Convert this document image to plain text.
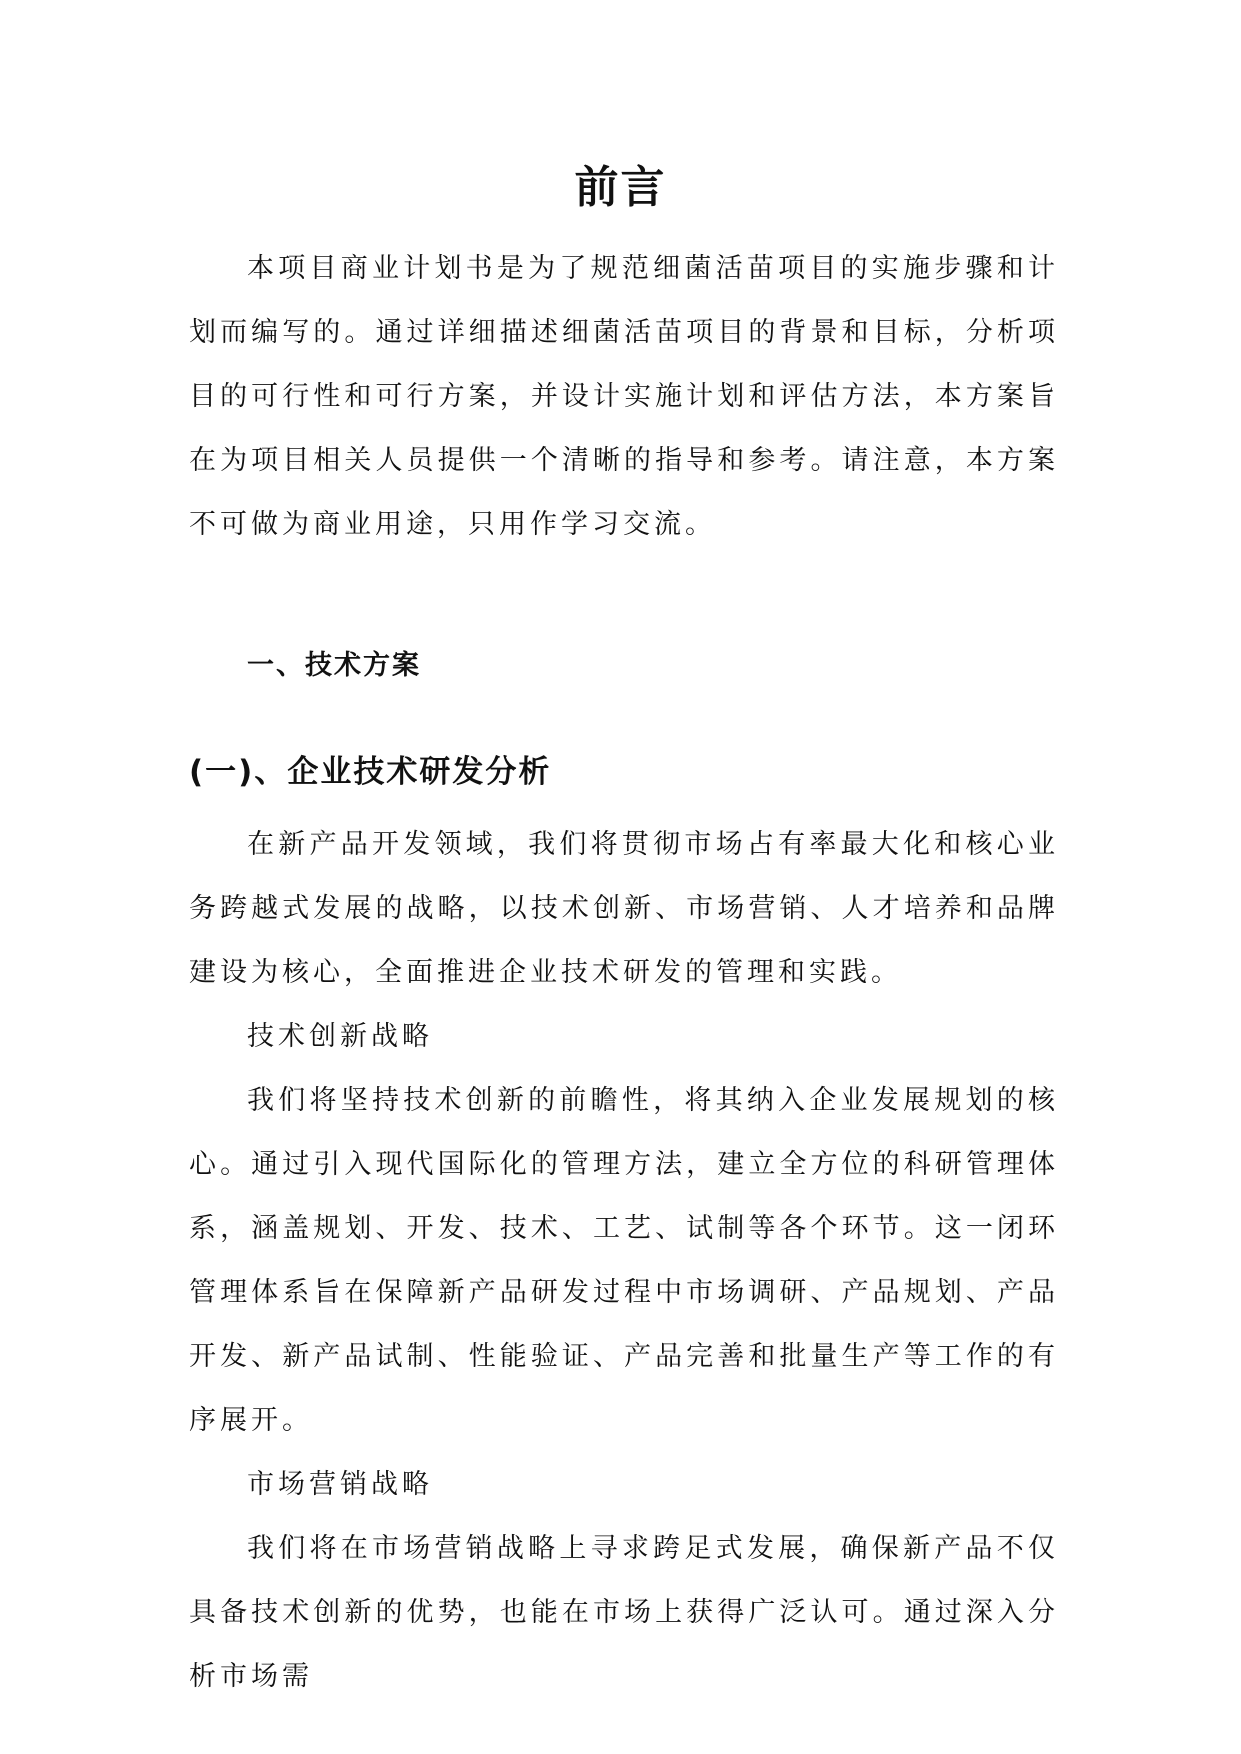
前言

本项目商业计划书是为了规范细菌活苗项目的实施步骤和计划而编写的。通过详细描述细菌活苗项目的背景和目标，分析项目的可行性和可行方案，并设计实施计划和评估方法，本方案旨在为项目相关人员提供一个清晰的指导和参考。请注意，本方案不可做为商业用途，只用作学习交流。

一、技术方案
(一)、企业技术研发分析

在新产品开发领域，我们将贯彻市场占有率最大化和核心业务跨越式发展的战略，以技术创新、市场营销、人才培养和品牌建设为核心，全面推进企业技术研发的管理和实践。

技术创新战略

我们将坚持技术创新的前瞻性，将其纳入企业发展规划的核心。通过引入现代国际化的管理方法，建立全方位的科研管理体系，涵盖规划、开发、技术、工艺、试制等各个环节。这一闭环管理体系旨在保障新产品研发过程中市场调研、产品规划、产品开发、新产品试制、性能验证、产品完善和批量生产等工作的有序展开。

市场营销战略

我们将在市场营销战略上寻求跨足式发展，确保新产品不仅具备技术创新的优势，也能在市场上获得广泛认可。通过深入分析市场需
